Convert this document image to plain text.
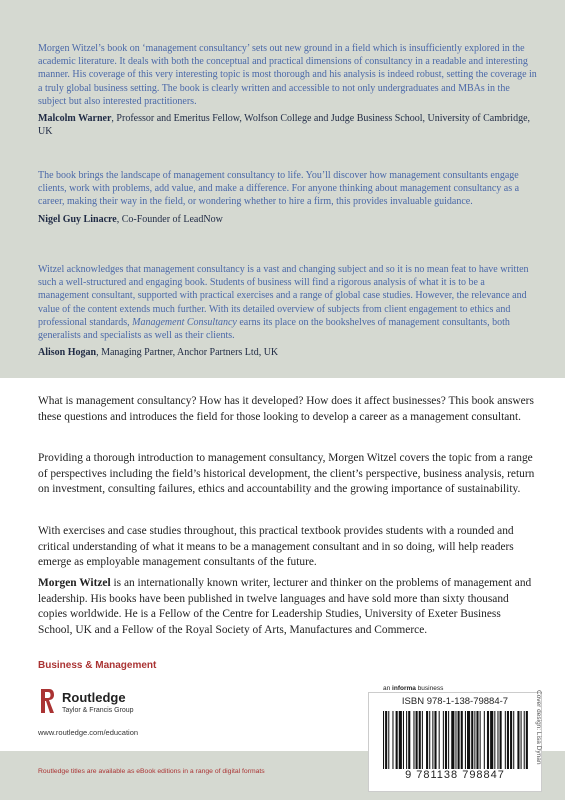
Morgen Witzel’s book on ‘management consultancy’ sets out new ground in a field which is insufficiently explored in the academic literature. It deals with both the conceptual and practical dimensions of consultancy in a readable and interesting manner. His coverage of this very interesting topic is most thorough and his analysis is indeed robust, setting the coverage in a truly global business setting. The book is clearly written and accessible to not only undergraduates and MBAs in the subject but also interested practitioners.

Malcolm Warner, Professor and Emeritus Fellow, Wolfson College and Judge Business School, University of Cambridge, UK

The book brings the landscape of management consultancy to life. You’ll discover how management consultants engage clients, work with problems, add value, and make a difference. For anyone thinking about management consultancy as a career, making their way in the field, or wondering whether to hire a firm, this provides invaluable guidance.

Nigel Guy Linacre, Co-Founder of LeadNow

Witzel acknowledges that management consultancy is a vast and changing subject and so it is no mean feat to have written such a well-structured and engaging book. Students of business will find a rigorous analysis of what it is to be a management consultant, supported with practical exercises and a range of global case studies. However, the relevance and value of the content extends much further. With its detailed overview of subjects from client engagement to ethics and professional standards, Management Consultancy earns its place on the bookshelves of management consultants, both generalists and specialists as well as their clients.

Alison Hogan, Managing Partner, Anchor Partners Ltd, UK

What is management consultancy? How has it developed? How does it affect businesses? This book answers these questions and introduces the field for those looking to develop a career as a management consultant.

Providing a thorough introduction to management consultancy, Morgen Witzel covers the topic from a range of perspectives including the field’s historical development, the client’s perspective, business analysis, return on investment, consulting failures, ethics and accountability and the growing importance of sustainability.

With exercises and case studies throughout, this practical textbook provides students with a rounded and critical understanding of what it means to be a management consultant and in so doing, will help readers emerge as employable management consultants of the future.

Morgen Witzel is an internationally known writer, lecturer and thinker on the problems of management and leadership. His books have been published in twelve languages and have sold more than sixty thousand copies worldwide. He is a Fellow of the Centre for Leadership Studies, University of Exeter Business School, UK and a Fellow of the Royal Society of Arts, Manufactures and Commerce.

Business & Management
Routledge
Taylor & Francis Group
www.routledge.com/education
Routledge titles are available as eBook editions in a range of digital formats
an informa business
ISBN 978-1-138-79884-7
9 781138 798847
Cover design: Lisa Dynan
